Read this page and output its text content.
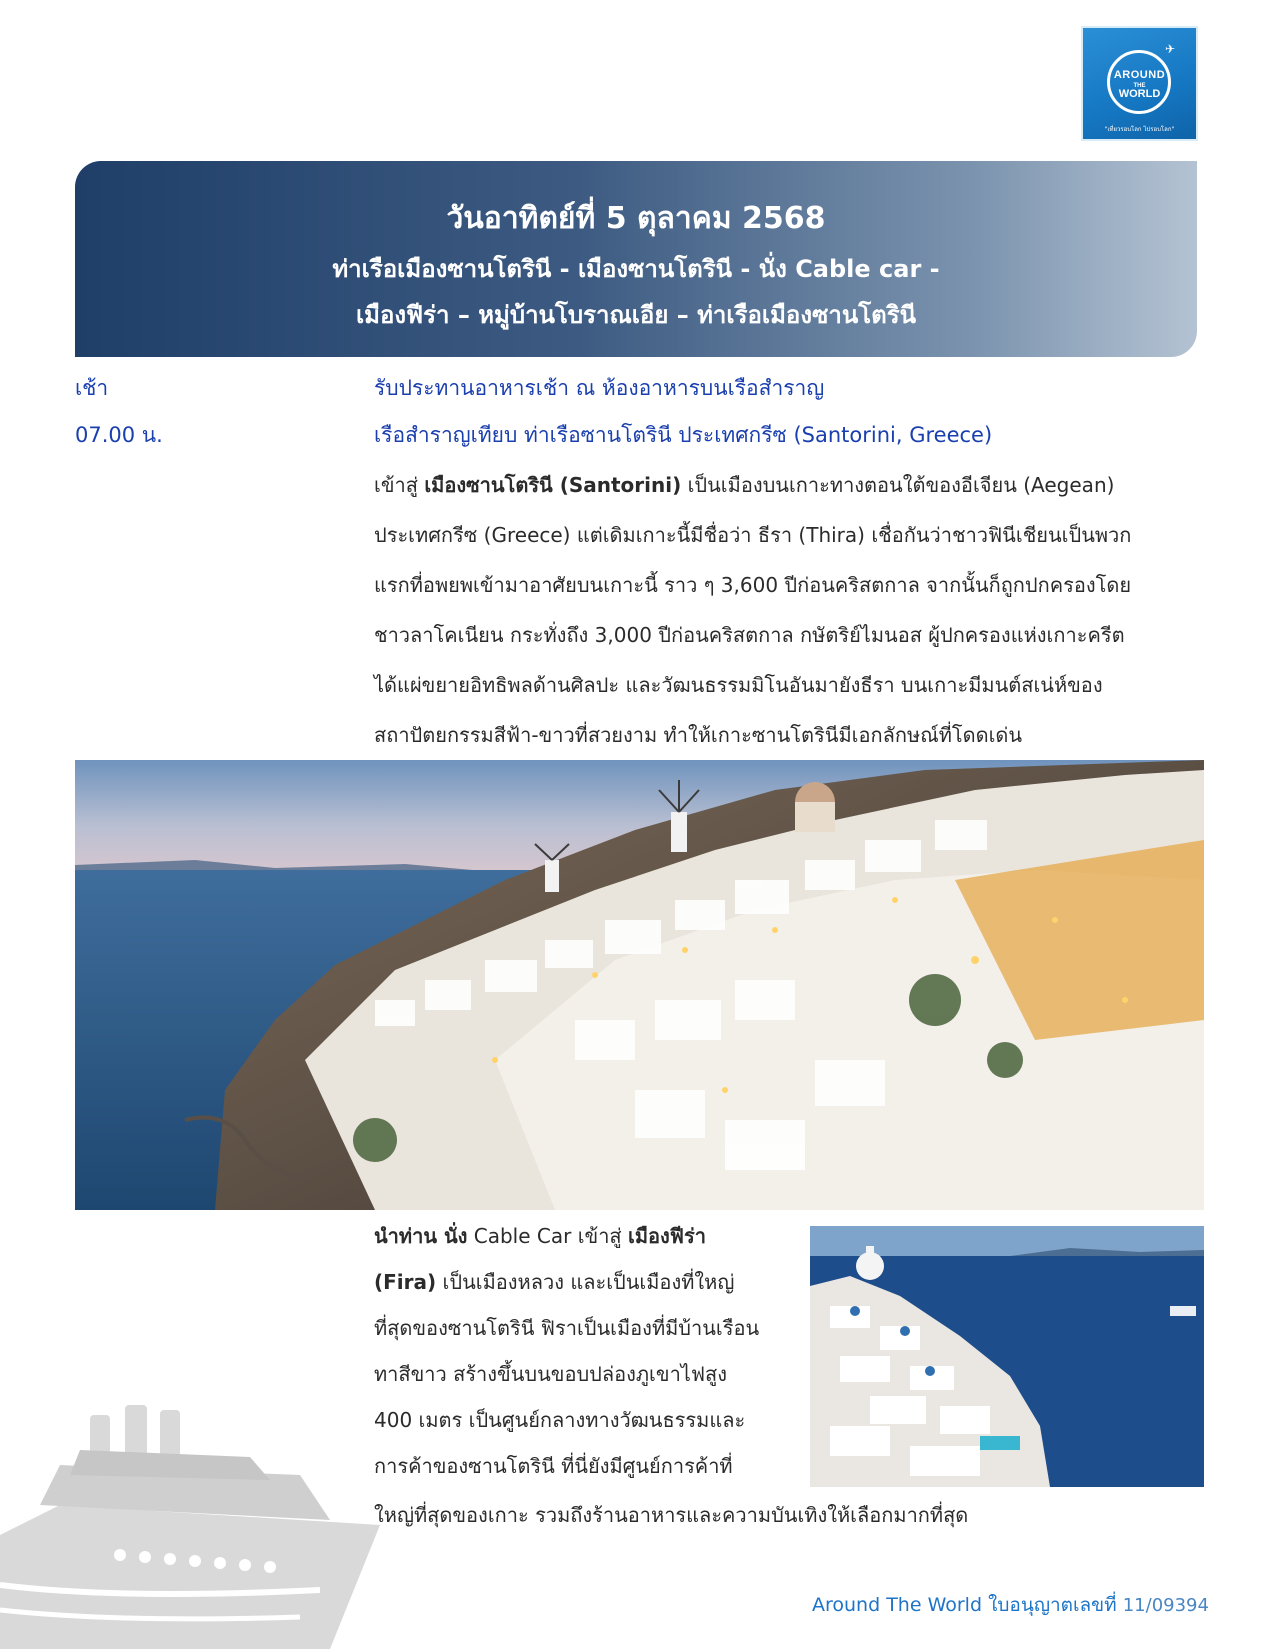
✈
AROUND
THE
WORLD
"เที่ยวรอบโลก ไปรอบโลก"
วันอาทิตย์ที่ 5 ตุลาคม 2568
ท่าเรือเมืองซานโตรินี - เมืองซานโตรินี - นั่ง Cable car -
เมืองฟีร่า – หมู่บ้านโบราณเอีย – ท่าเรือเมืองซานโตรินี
เช้า	รับประทานอาหารเช้า ณ ห้องอาหารบนเรือสำราญ
07.00 น.	เรือสำราญเทียบ ท่าเรือซานโตรินี ประเทศกรีซ (Santorini, Greece)

เข้าสู่ เมืองซานโตรินี (Santorini) เป็นเมืองบนเกาะทางตอนใต้ของอีเจียน (Aegean)

ประเทศกรีซ (Greece) แต่เดิมเกาะนี้มีชื่อว่า ธีรา (Thira) เชื่อกันว่าชาวฟินีเชียนเป็นพวก

แรกที่อพยพเข้ามาอาศัยบนเกาะนี้ ราว ๆ 3,600 ปีก่อนคริสตกาล จากนั้นก็ถูกปกครองโดย

ชาวลาโคเนียน กระทั่งถึง 3,000 ปีก่อนคริสตกาล กษัตริย์ไมนอส ผู้ปกครองแห่งเกาะครีต

ได้แผ่ขยายอิทธิพลด้านศิลปะ และวัฒนธรรมมิโนอันมายังธีรา บนเกาะมีมนต์สเน่ห์ของ

สถาปัตยกรรมสีฟ้า-ขาวที่สวยงาม ทำให้เกาะซานโตรินีมีเอกลักษณ์ที่โดดเด่น

นำท่าน นั่ง Cable Car เข้าสู่ เมืองฟีร่า

(Fira) เป็นเมืองหลวง และเป็นเมืองที่ใหญ่

ที่สุดของซานโตรินี ฟิราเป็นเมืองที่มีบ้านเรือน

ทาสีขาว สร้างขึ้นบนขอบปล่องภูเขาไฟสูง

400 เมตร เป็นศูนย์กลางทางวัฒนธรรมและ

การค้าของซานโตรินี ที่นี่ยังมีศูนย์การค้าที่

ใหญ่ที่สุดของเกาะ รวมถึงร้านอาหารและความบันเทิงให้เลือกมากที่สุด
Around The World ใบอนุญาตเลขที่ 11/09394
